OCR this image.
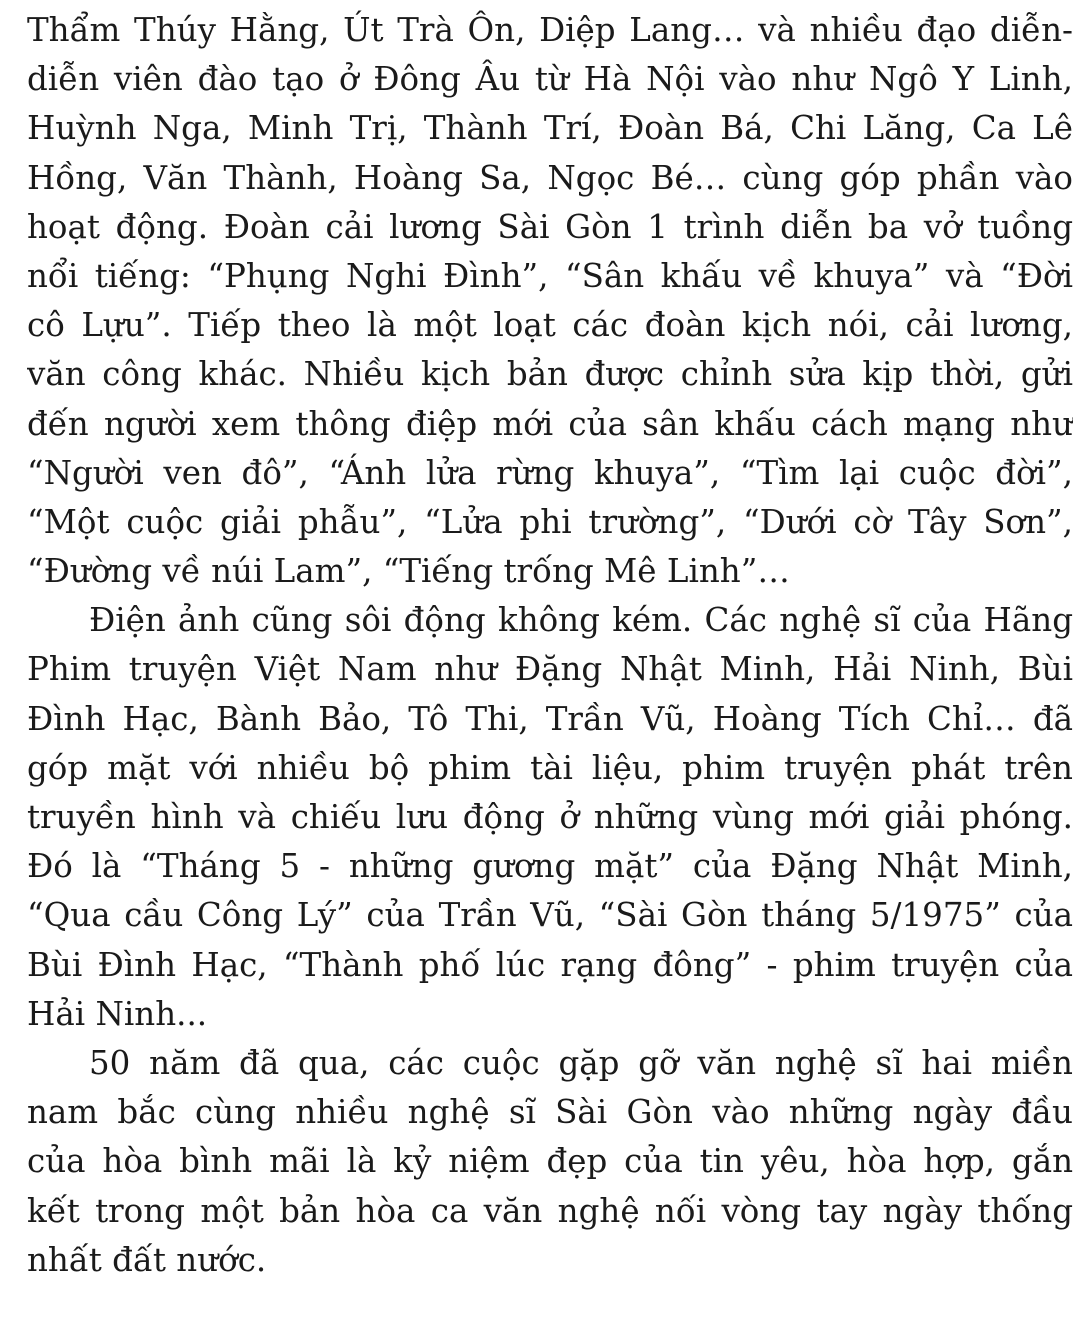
Thẩm Thúy Hằng, Út Trà Ôn, Diệp Lang… và nhiều đạo diễn-
diễn viên đào tạo ở Đông Âu từ Hà Nội vào như Ngô Y Linh,
Huỳnh Nga, Minh Trị, Thành Trí, Đoàn Bá, Chi Lăng, Ca Lê
Hồng, Văn Thành, Hoàng Sa, Ngọc Bé… cùng góp phần vào
hoạt động. Đoàn cải lương Sài Gòn 1 trình diễn ba vở tuồng
nổi tiếng: “Phụng Nghi Đình”, “Sân khấu về khuya” và “Đời
cô Lựu”. Tiếp theo là một loạt các đoàn kịch nói, cải lương,
văn công khác. Nhiều kịch bản được chỉnh sửa kịp thời, gửi
đến người xem thông điệp mới của sân khấu cách mạng như
“Người ven đô”, “Ánh lửa rừng khuya”, “Tìm lại cuộc đời”,
“Một cuộc giải phẫu”, “Lửa phi trường”, “Dưới cờ Tây Sơn”,
“Đường về núi Lam”, “Tiếng trống Mê Linh”…
Điện ảnh cũng sôi động không kém. Các nghệ sĩ của Hãng
Phim truyện Việt Nam như Đặng Nhật Minh, Hải Ninh, Bùi
Đình Hạc, Bành Bảo, Tô Thi, Trần Vũ, Hoàng Tích Chỉ… đã
góp mặt với nhiều bộ phim tài liệu, phim truyện phát trên
truyền hình và chiếu lưu động ở những vùng mới giải phóng.
Đó là “Tháng 5 - những gương mặt” của Đặng Nhật Minh,
“Qua cầu Công Lý” của Trần Vũ, “Sài Gòn tháng 5/1975” của
Bùi Đình Hạc, “Thành phố lúc rạng đông” - phim truyện của
Hải Ninh...
50 năm đã qua, các cuộc gặp gỡ văn nghệ sĩ hai miền
nam bắc cùng nhiều nghệ sĩ Sài Gòn vào những ngày đầu
của hòa bình mãi là kỷ niệm đẹp của tin yêu, hòa hợp, gắn
kết trong một bản hòa ca văn nghệ nối vòng tay ngày thống
nhất đất nước.
